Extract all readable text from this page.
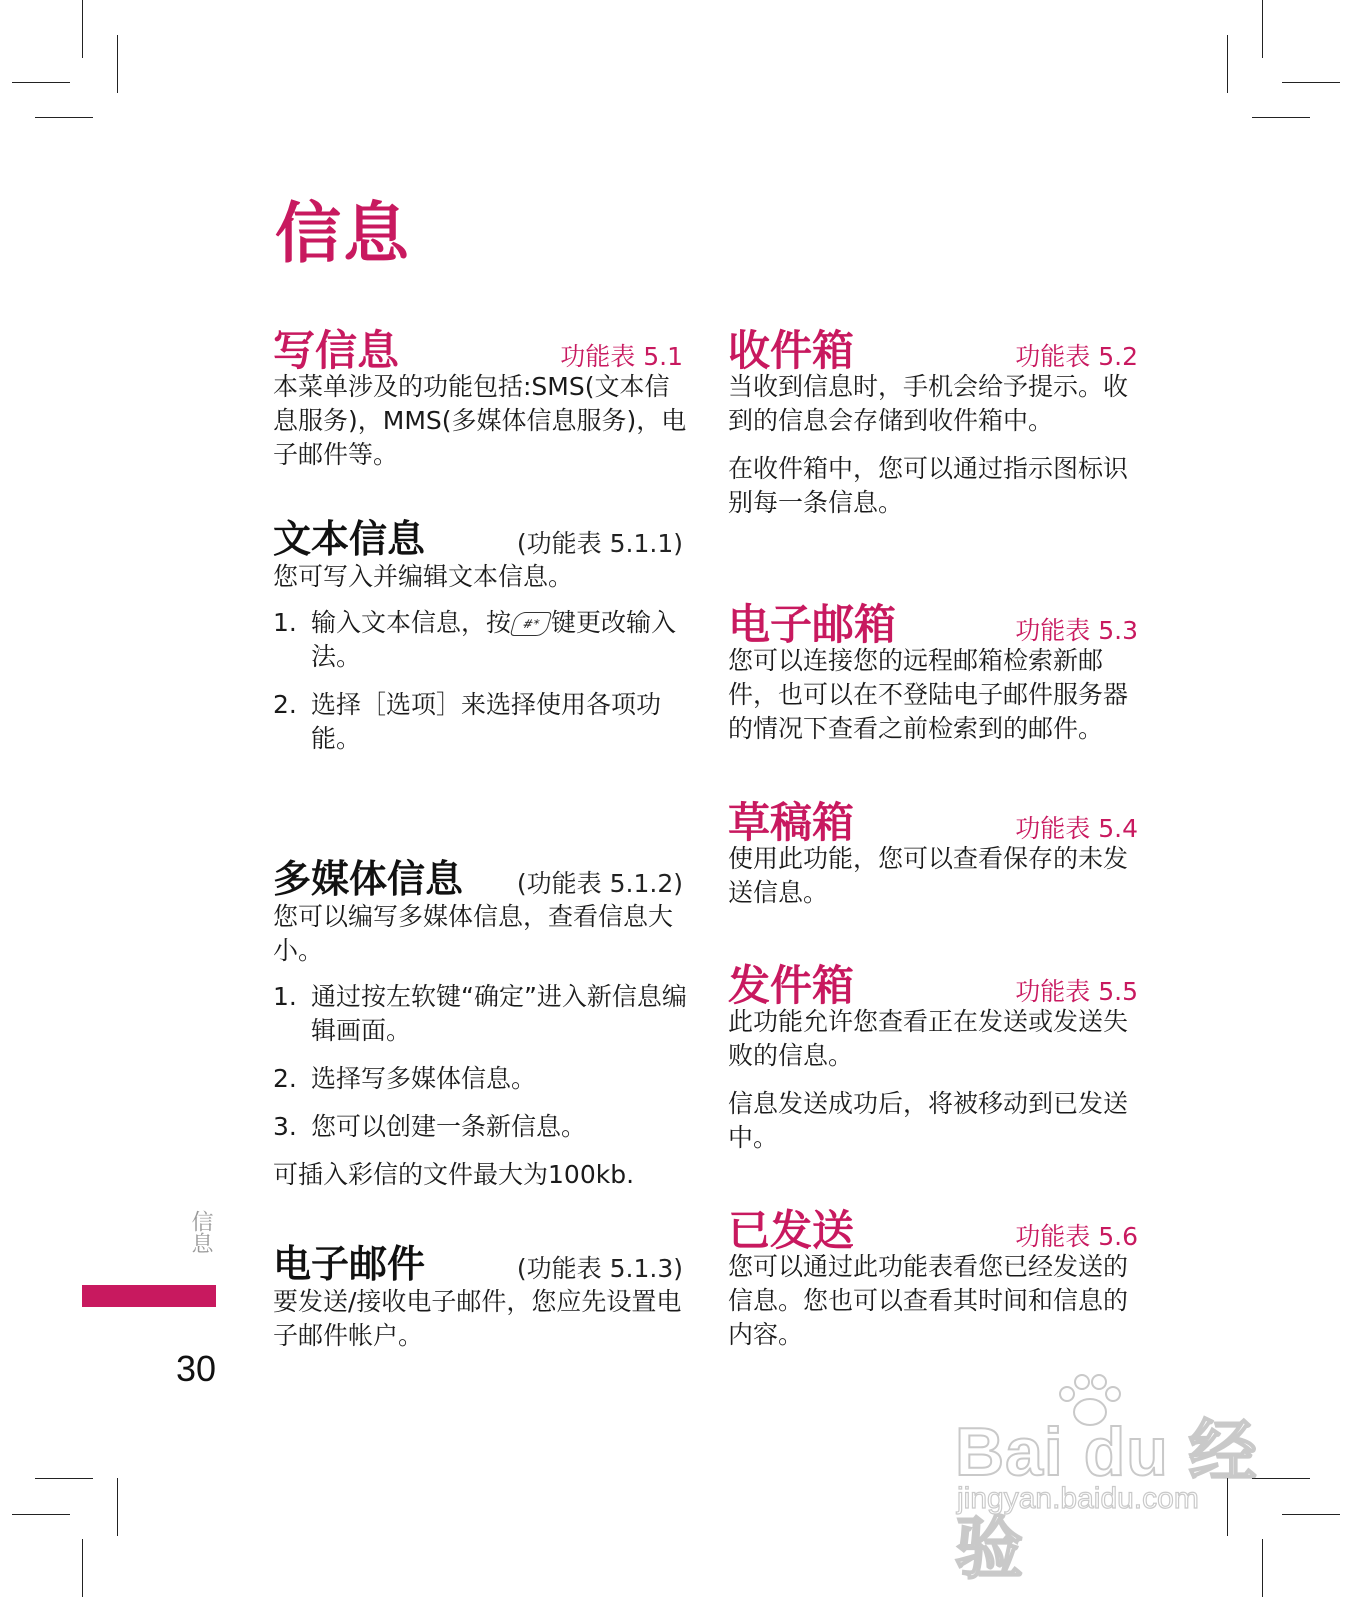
信息
写信息	功能表 5.1

本菜单涉及的功能包括:SMS(文本信息服务)，MMS(多媒体信息服务)，电子邮件等。

文本信息	(功能表 5.1.1)

您可写入并编辑文本信息。

1. 输入文本信息，按 #* 键更改输入法。
2. 选择［选项］来选择使用各项功能。
多媒体信息 (功能表 5.1.2)

您可以编写多媒体信息，查看信息大小。

1. 通过按左软键“确定”进入新信息编辑画面。
2. 选择写多媒体信息。
3. 您可以创建一条新信息。

可插入彩信的文件最大为100kb.

电子邮件	(功能表 5.1.3)

要发送/接收电子邮件，您应先设置电子邮件帐户。

收件箱	功能表 5.2

当收到信息时，手机会给予提示。收到的信息会存储到收件箱中。

在收件箱中，您可以通过指示图标识别每一条信息。

电子邮箱	功能表 5.3

您可以连接您的远程邮箱检索新邮件，也可以在不登陆电子邮件服务器的情况下查看之前检索到的邮件。

草稿箱	功能表 5.4

使用此功能，您可以查看保存的未发送信息。

发件箱	功能表 5.5

此功能允许您查看正在发送或发送失败的信息。

信息发送成功后，将被移动到已发送中。

已发送	功能表 5.6

您可以通过此功能表看您已经发送的信息。您也可以查看其时间和信息的内容。

信息
30
Bai du 经验
jingyan.baidu.com
